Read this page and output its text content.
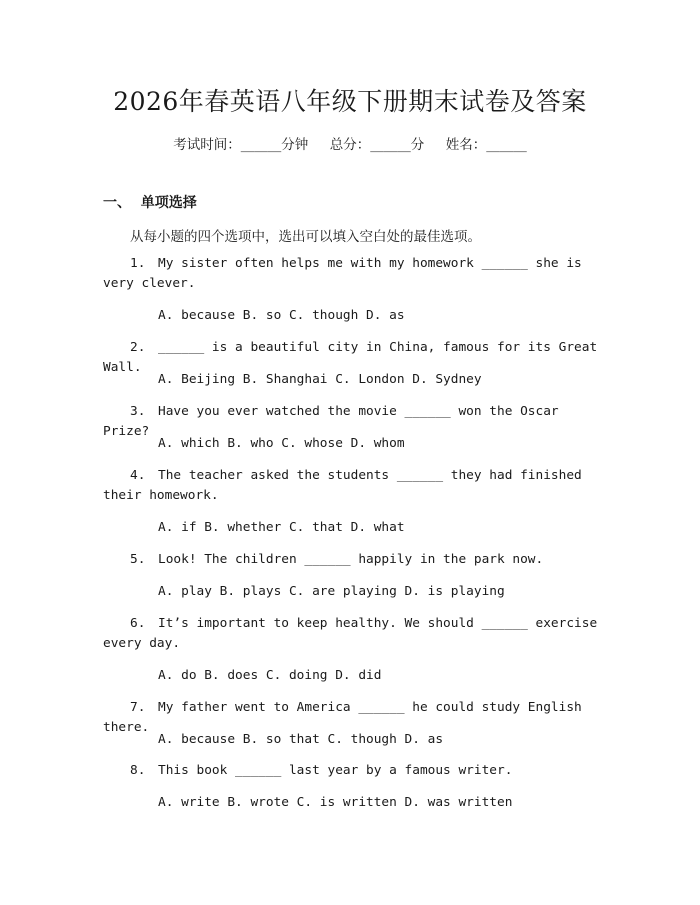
2026年春英语八年级下册期末试卷及答案
考试时间：______分钟     总分：______分     姓名：______
一、  单项选择
从每小题的四个选项中，选出可以填入空白处的最佳选项。
1. My sister often helps me with my homework ______ she is very clever.
A. because B. so C. though D. as
2. ______ is a beautiful city in China, famous for its Great Wall.
A. Beijing B. Shanghai C. London D. Sydney
3. Have you ever watched the movie ______ won the Oscar Prize?
A. which B. who C. whose D. whom
4. The teacher asked the students ______ they had finished their homework.
A. if B. whether C. that D. what
5. Look! The children ______ happily in the park now.
A. play B. plays C. are playing D. is playing
6. It’s important to keep healthy. We should ______ exercise every day.
A. do B. does C. doing D. did
7. My father went to America ______ he could study English there.
A. because B. so that C. though D. as
8. This book ______ last year by a famous writer.
A. write B. wrote C. is written D. was written
